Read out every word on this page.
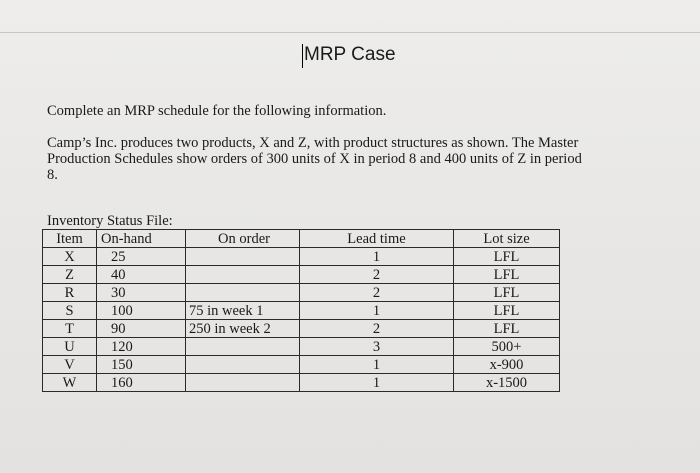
MRP Case

Complete an MRP schedule for the following information.

Camp’s Inc. produces two products, X and Z, with product structures as shown. The Master
Production Schedules show orders of 300 units of X in period 8 and 400 units of Z in period
8.

Inventory Status File:

Item	On-hand	On order	Lead time	Lot size
X	25		1	LFL
Z	40		2	LFL
R	30		2	LFL
S	100	75 in week 1	1	LFL
T	90	250 in week 2	2	LFL
U	120		3	500+
V	150		1	x-900
W	160		1	x-1500
